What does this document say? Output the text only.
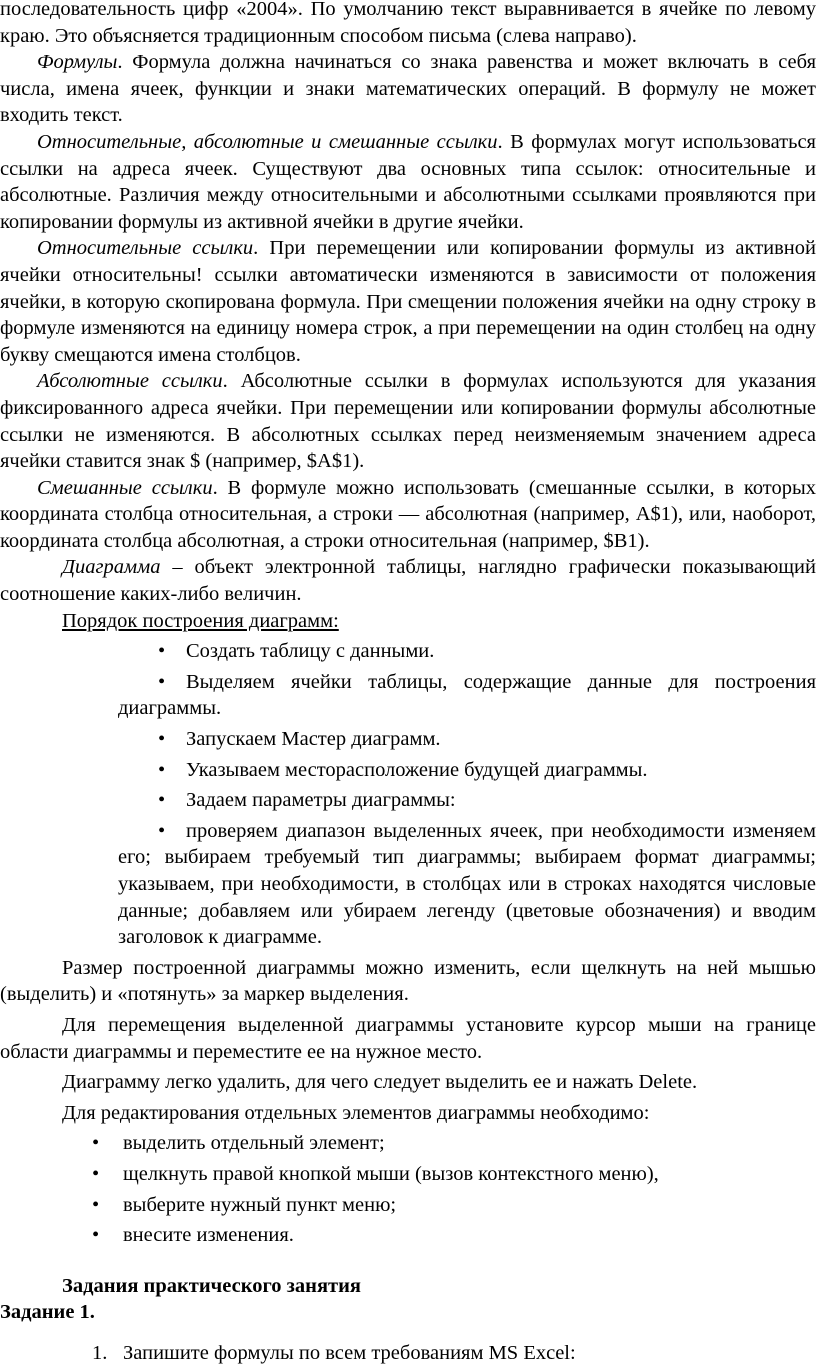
последовательность цифр «2004». По умолчанию текст выравнивается в ячейке по левому краю. Это объясняется традиционным способом письма (слева направо).

Формулы. Формула должна начинаться со знака равенства и может включать в себя числа, имена ячеек, функции и знаки математических операций. В формулу не может входить текст.

Относительные, абсолютные и смешанные ссылки. В формулах могут использоваться ссылки на адреса ячеек. Существуют два основных типа ссылок: относительные и абсолютные. Различия между относительными и абсолютными ссылками проявляются при копировании формулы из активной ячейки в другие ячейки.

Относительные ссылки. При перемещении или копировании формулы из активной ячейки относительны! ссылки автоматически изменяются в зависимости от положения ячейки, в которую скопирована формула. При смещении положения ячейки на одну строку в формуле изменяются на единицу номера строк, а при перемещении на один столбец на одну букву смещаются имена столбцов.

Абсолютные ссылки. Абсолютные ссылки в формулах используются для указания фиксированного адреса ячейки. При перемещении или копировании формулы абсолютные ссылки не изменяются. В абсолютных ссылках перед неизменяемым значением адреса ячейки ставится знак $ (например, $A$1).

Смешанные ссылки. В формуле можно использовать (смешанные ссылки, в которых координата столбца относительная, а строки — абсолютная (например, A$1), или, наоборот, координата столбца абсолютная, а строки относительная (например, $B1).

Диаграмма – объект электронной таблицы, наглядно графически показывающий соотношение каких-либо величин.

Порядок построения диаграмм:

• Создать таблицу с данными.
• Выделяем ячейки таблицы, содержащие данные для построения диаграммы.
• Запускаем Мастер диаграмм.
• Указываем месторасположение будущей диаграммы.
• Задаем параметры диаграммы:
• проверяем диапазон выделенных ячеек, при необходимости изменяем его; выбираем требуемый тип диаграммы; выбираем формат диаграммы; указываем, при необходимости, в столбцах или в строках находятся числовые данные; добавляем или убираем легенду (цветовые обозначения) и вводим заголовок к диаграмме.

Размер построенной диаграммы можно изменить, если щелкнуть на ней мышью (выделить) и «потянуть» за маркер выделения.

Для перемещения выделенной диаграммы установите курсор мыши на границе области диаграммы и переместите ее на нужное место.

Диаграмму легко удалить, для чего следует выделить ее и нажать Delete.

Для редактирования отдельных элементов диаграммы необходимо:

• выделить отдельный элемент;
• щелкнуть правой кнопкой мыши (вызов контекстного меню),
• выберите нужный пункт меню;
• внесите изменения.

Задания практического занятия

Задание 1.

1. Запишите формулы по всем требованиям MS Excel:
